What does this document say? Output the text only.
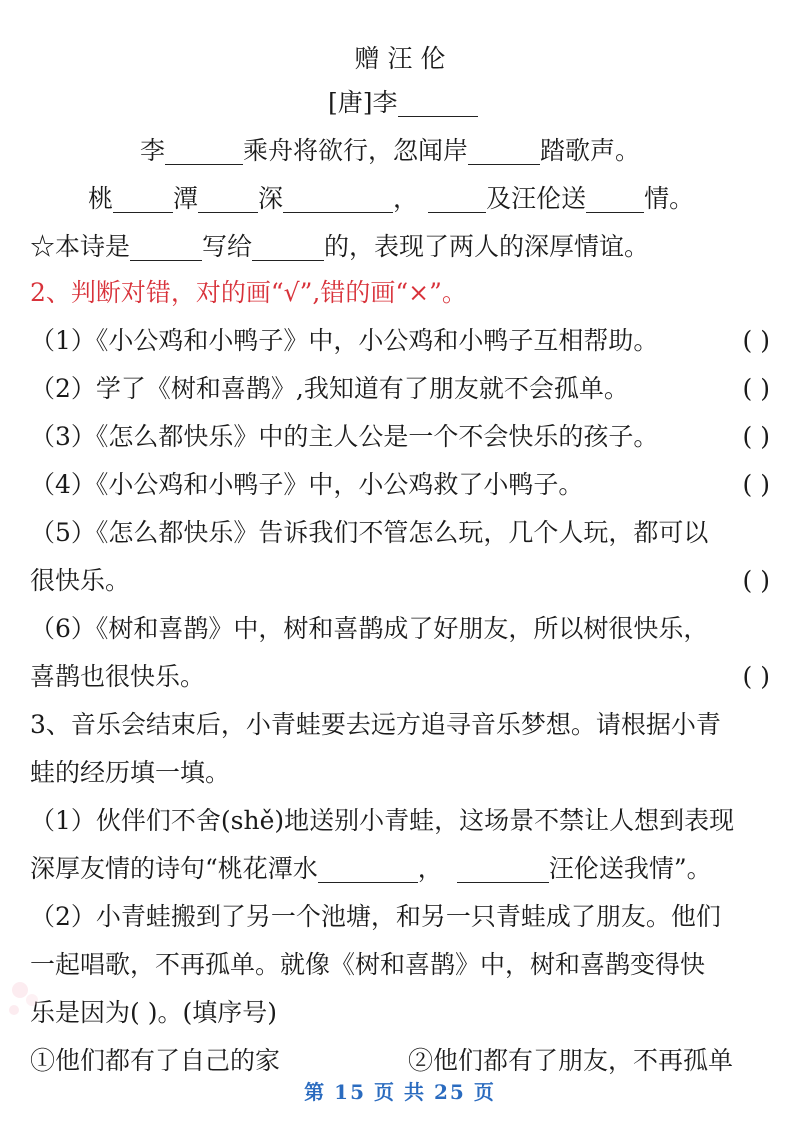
赠 汪 伦
[唐]李
李	乘舟将欲行，忽闻岸	踏歌声。
桃 潭 深	，	及汪伦送 情。
☆本诗是	写给	的，表现了两人的深厚情谊。
2、判断对错，对的画“√”,错的画“×”。
（1）《小公鸡和小鸭子》中，小公鸡和小鸭子互相帮助。	( )
（2）学了《树和喜鹊》,我知道有了朋友就不会孤单。	( )
（3）《怎么都快乐》中的主人公是一个不会快乐的孩子。	( )
（4）《小公鸡和小鸭子》中，小公鸡救了小鸭子。	( )
（5）《怎么都快乐》告诉我们不管怎么玩，几个人玩，都可以
很快乐。	( )
（6）《树和喜鹊》中，树和喜鹊成了好朋友，所以树很快乐，
喜鹊也很快乐。	( )
3、音乐会结束后，小青蛙要去远方追寻音乐梦想。请根据小青
蛙的经历填一填。
（1）伙伴们不舍(shě)地送别小青蛙，这场景不禁让人想到表现
深厚友情的诗句“桃花潭水	，	汪伦送我情”。
（2）小青蛙搬到了另一个池塘，和另一只青蛙成了朋友。他们
一起唱歌，不再孤单。就像《树和喜鹊》中，树和喜鹊变得快
乐是因为( )。(填序号)
①他们都有了自己的家	②他们都有了朋友，不再孤单
第 15 页 共 25 页
